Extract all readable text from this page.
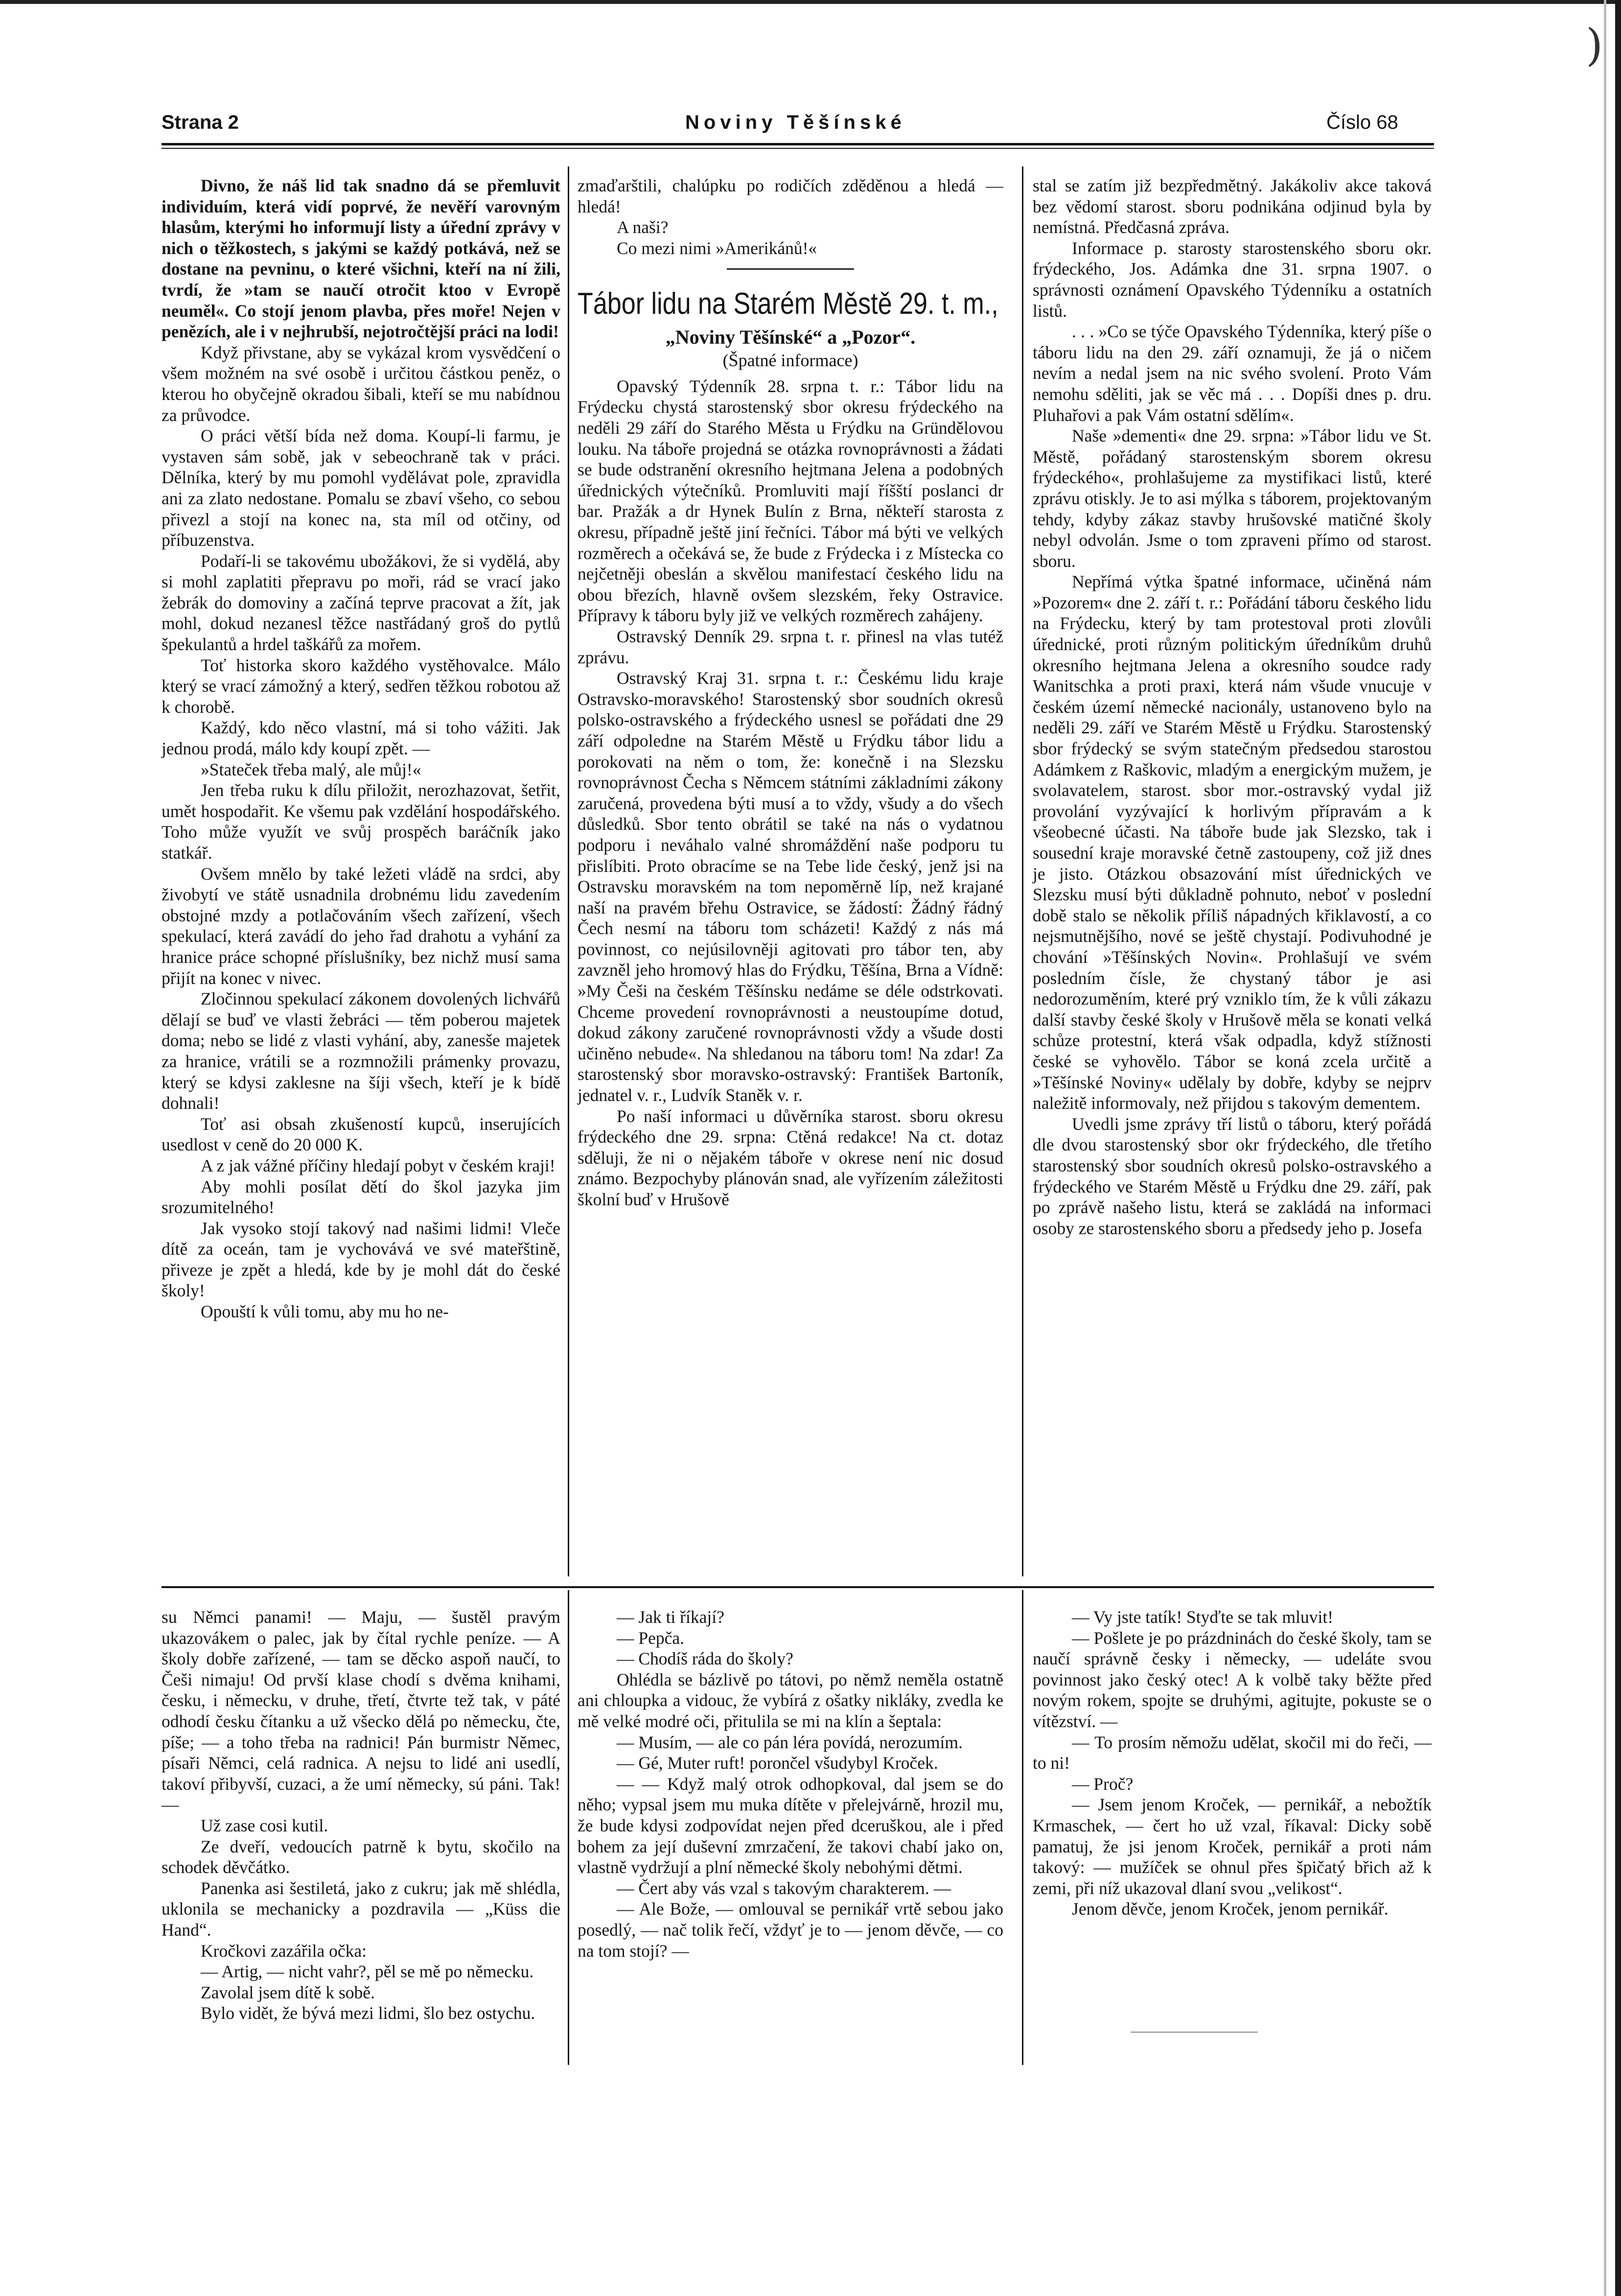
)
Strana 2	Noviny Těšínské	Číslo 68

Divno, že náš lid tak snadno dá se přemluvit individuím, která vidí poprvé, že nevěří varovným hlasům, kterými ho informují listy a úřední zprávy v nich o těžkostech, s jakými se každý potkává, než se dostane na pevninu, o které všichni, kteří na ní žili, tvrdí, že »tam se naučí otročit ktoo v Evropě neuměl«. Co stojí jenom plavba, přes moře! Nejen v penězích, ale i v nejhrubší, nejotročtější práci na lodi!

Když přivstane, aby se vykázal krom vysvědčení o všem možném na své osobě i určitou částkou peněz, o kterou ho obyčejně okradou šibali, kteří se mu nabídnou za průvodce.

O práci větší bída než doma. Koupí-li farmu, je vystaven sám sobě, jak v sebeochraně tak v práci. Dělníka, který by mu pomohl vydělávat pole, zpravidla ani za zlato nedostane. Pomalu se zbaví všeho, co sebou přivezl a stojí na konec na, sta míl od otčiny, od příbuzenstva.

Podaří-li se takovému ubožákovi, že si vydělá, aby si mohl zaplatiti přepravu po moři, rád se vrací jako žebrák do domoviny a začíná teprve pracovat a žít, jak mohl, dokud nezanesl těžce nastřádaný groš do pytlů špekulantů a hrdel taškářů za mořem.

Toť historka skoro každého vystěhovalce. Málo který se vrací zámožný a který, sedřen těžkou robotou až k chorobě.

Každý, kdo něco vlastní, má si toho vážiti. Jak jednou prodá, málo kdy koupí zpět. —

»Stateček třeba malý, ale můj!«

Jen třeba ruku k dílu přiložit, nerozhazovat, šetřit, umět hospodařit. Ke všemu pak vzdělání hospodářského. Toho může využít ve svůj prospěch baráčník jako statkář.

Ovšem mnělo by také ležeti vládě na srdci, aby živobytí ve státě usnadnila drobnému lidu zavedením obstojné mzdy a potlačováním všech zařízení, všech spekulací, která zavádí do jeho řad drahotu a vyhání za hranice práce schopné příslušníky, bez nichž musí sama přijít na konec v nivec.

Zločinnou spekulací zákonem dovolených lichvářů dělají se buď ve vlasti žebráci — těm poberou majetek doma; nebo se lidé z vlasti vyhání, aby, zanesše majetek za hranice, vrátili se a rozmnožili prámenky provazu, který se kdysi zaklesne na šíji všech, kteří je k bídě dohnali!

Toť asi obsah zkušeností kupců, inserujících usedlost v ceně do 20 000 K.

A z jak vážné příčiny hledají pobyt v českém kraji!

Aby mohli posílat dětí do škol jazyka jim srozumitelného!

Jak vysoko stojí takový nad našimi lidmi! Vleče dítě za oceán, tam je vychovává ve své mateřštině, přiveze je zpět a hledá, kde by je mohl dát do české školy!

Opouští k vůli tomu, aby mu ho ne-

zmaďarštili, chalúpku po rodičích zděděnou a hledá — hledá!

A naši?

Co mezi nimi »Amerikánů!«

Tábor lidu na Starém Městě 29. t. m.,
„Noviny Těšínské“ a „Pozor“.
(Špatné informace)

Opavský Týdenník 28. srpna t. r.: Tábor lidu na Frýdecku chystá starostenský sbor okresu frýdeckého na neděli 29 září do Starého Města u Frýdku na Gründělovou louku. Na táboře projedná se otázka rovnoprávnosti a žádati se bude odstranění okresního hejtmana Jelena a podobných úřednických výtečníků. Promluviti mají říšští poslanci dr bar. Pražák a dr Hynek Bulín z Brna, někteří starosta z okresu, případně ještě jiní řečníci. Tábor má býti ve velkých rozměrech a očekává se, že bude z Frýdecka i z Místecka co nejčetněji obeslán a skvělou manifestací českého lidu na obou březích, hlavně ovšem slezském, řeky Ostravice. Přípravy k táboru byly již ve velkých rozměrech zahájeny.

Ostravský Denník 29. srpna t. r. přinesl na vlas tutéž zprávu.

Ostravský Kraj 31. srpna t. r.: Českému lidu kraje Ostravsko-moravského! Starostenský sbor soudních okresů polsko-ostravského a frýdeckého usnesl se pořádati dne 29 září odpoledne na Starém Městě u Frýdku tábor lidu a porokovati na něm o tom, že: konečně i na Slezsku rovnoprávnost Čecha s Němcem státními základními zákony zaručená, provedena býti musí a to vždy, všudy a do všech důsledků. Sbor tento obrátil se také na nás o vydatnou podporu i neváhalo valné shromáždění naše podporu tu přislíbiti. Proto obracíme se na Tebe lide český, jenž jsi na Ostravsku moravském na tom nepoměrně líp, než krajané naší na pravém břehu Ostravice, se žádostí: Žádný řádný Čech nesmí na táboru tom scházeti! Každý z nás má povinnost, co nejúsilovněji agitovati pro tábor ten, aby zavzněl jeho hromový hlas do Frýdku, Těšína, Brna a Vídně: »My Češi na českém Těšínsku nedáme se déle odstrkovati. Chceme provedení rovnoprávnosti a neustoupíme dotud, dokud zákony zaručené rovnoprávnosti vždy a všude dosti učiněno nebude«. Na shledanou na táboru tom! Na zdar! Za starostenský sbor moravsko-ostravský: František Bartoník, jednatel v. r., Ludvík Staněk v. r.

Po naší informaci u důvěrníka starost. sboru okresu frýdeckého dne 29. srpna: Ctěná redakce! Na ct. dotaz sděluji, že ni o nějakém táboře v okrese není nic dosud známo. Bezpochyby plánován snad, ale vyřízením záležitosti školní buď v Hrušově

stal se zatím již bezpředmětný. Jakákoliv akce taková bez vědomí starost. sboru podnikána odjinud byla by nemístná. Předčasná zpráva.

Informace p. starosty starostenského sboru okr. frýdeckého, Jos. Adámka dne 31. srpna 1907. o správnosti oznámení Opavského Týdenníku a ostatních listů.

. . . »Co se týče Opavského Týdenníka, který píše o táboru lidu na den 29. září oznamuji, že já o ničem nevím a nedal jsem na nic svého svolení. Proto Vám nemohu sděliti, jak se věc má . . . Dopíši dnes p. dru. Pluhařovi a pak Vám ostatní sdělím«.

Naše »dementi« dne 29. srpna: »Tábor lidu ve St. Městě, pořádaný starostenským sborem okresu frýdeckého«, prohlašujeme za mystifikaci listů, které zprávu otiskly. Je to asi mýlka s táborem, projektovaným tehdy, kdyby zákaz stavby hrušovské matičné školy nebyl odvolán. Jsme o tom zpraveni přímo od starost. sboru.

Nepřímá výtka špatné informace, učiněná nám »Pozorem« dne 2. září t. r.: Pořádání táboru českého lidu na Frýdecku, který by tam protestoval proti zlovůli úřednické, proti různým politickým úředníkům druhů okresního hejtmana Jelena a okresního soudce rady Wanitschka a proti praxi, která nám všude vnucuje v českém území německé nacionály, ustanoveno bylo na neděli 29. září ve Starém Městě u Frýdku. Starostenský sbor frýdecký se svým statečným předsedou starostou Adámkem z Raškovic, mladým a energickým mužem, je svolavatelem, starost. sbor mor.-ostravský vydal již provolání vyzývající k horlivým přípravám a k všeobecné účasti. Na táboře bude jak Slezsko, tak i sousední kraje moravské četně zastoupeny, což již dnes je jisto. Otázkou obsazování míst úřednických ve Slezsku musí býti důkladně pohnuto, neboť v poslední době stalo se několik příliš nápadných křiklavostí, a co nejsmutnějšího, nové se ještě chystají. Podivuhodné je chování »Těšínských Novin«. Prohlašují ve svém posledním čísle, že chystaný tábor je asi nedorozuměním, které prý vzniklo tím, že k vůli zákazu další stavby české školy v Hrušově měla se konati velká schůze protestní, která však odpadla, když stížnosti české se vyhovělo. Tábor se koná zcela určitě a »Těšínské Noviny« udělaly by dobře, kdyby se nejprv naležitě informovaly, než přijdou s takovým dementem.

Uvedli jsme zprávy tří listů o táboru, který pořádá dle dvou starostenský sbor okr frýdeckého, dle třetího starostenský sbor soudních okresů polsko-ostravského a frýdeckého ve Starém Městě u Frýdku dne 29. září, pak po zprávě našeho listu, která se zakládá na informaci osoby ze starostenského sboru a předsedy jeho p. Josefa

su Němci panami! — Maju, — šustěl pravým ukazovákem o palec, jak by čítal rychle peníze. — A školy dobře zařízené, — tam se děcko aspoň naučí, to Češi nimaju! Od prvší klase chodí s dvěma knihami, česku, i německu, v druhe, třetí, čtvrte tež tak, v páté odhodí česku čítanku a už všecko dělá po německu, čte, píše; — a toho třeba na radnici! Pán burmistr Němec, písaři Němci, celá radnica. A nejsu to lidé ani usedlí, takoví přibyvší, cuzaci, a že umí německy, sú páni. Tak! —

Už zase cosi kutil.

Ze dveří, vedoucích patrně k bytu, skočilo na schodek děvčátko.

Panenka asi šestiletá, jako z cukru; jak mě shlédla, uklonila se mechanicky a pozdravila — „Küss die Hand“.

Kročkovi zazářila očka:

— Artig, — nicht vahr?, pěl se mě po německu.

Zavolal jsem dítě k sobě.

Bylo vidět, že bývá mezi lidmi, šlo bez ostychu.

— Jak ti říkají?

— Pepča.

— Chodíš ráda do školy?

Ohlédla se bázlivě po tátovi, po němž neměla ostatně ani chloupka a vidouc, že vybírá z ošatky nikláky, zvedla ke mě velké modré oči, přitulila se mi na klín a šeptala:

— Musím, — ale co pán léra povídá, nerozumím.

— Gé, Muter ruft! porončel všudybyl Kroček.

— — Když malý otrok odhopkoval, dal jsem se do něho; vypsal jsem mu muka dítěte v přelejvárně, hrozil mu, že bude kdysi zodpovídat nejen před dceruškou, ale i před bohem za její duševní zmrzačení, že takovi chabí jako on, vlastně vydržují a plní německé školy nebohými dětmi.

— Čert aby vás vzal s takovým charakterem. —

— Ale Bože, — omlouval se pernikář vrtě sebou jako posedlý, — nač tolik řečí, vždyť je to — jenom děvče, — co na tom stojí? —

— Vy jste tatík! Styďte se tak mluvit!

— Pošlete je po prázdninách do české školy, tam se naučí správně česky i německy, — udeláte svou povinnost jako český otec! A k volbě taky běžte před novým rokem, spojte se druhými, agitujte, pokuste se o vítězství. —

— To prosím němožu udělat, skočil mi do řeči, — to ni!

— Proč?

— Jsem jenom Kroček, — pernikář, a nebožtík Krmaschek, — čert ho už vzal, říkaval: Dicky sobě pamatuj, že jsi jenom Kroček, pernikář a proti nám takový: — mužíček se ohnul přes špičatý břich až k zemi, při níž ukazoval dlaní svou „velikost“.

Jenom děvče, jenom Kroček, jenom pernikář.
